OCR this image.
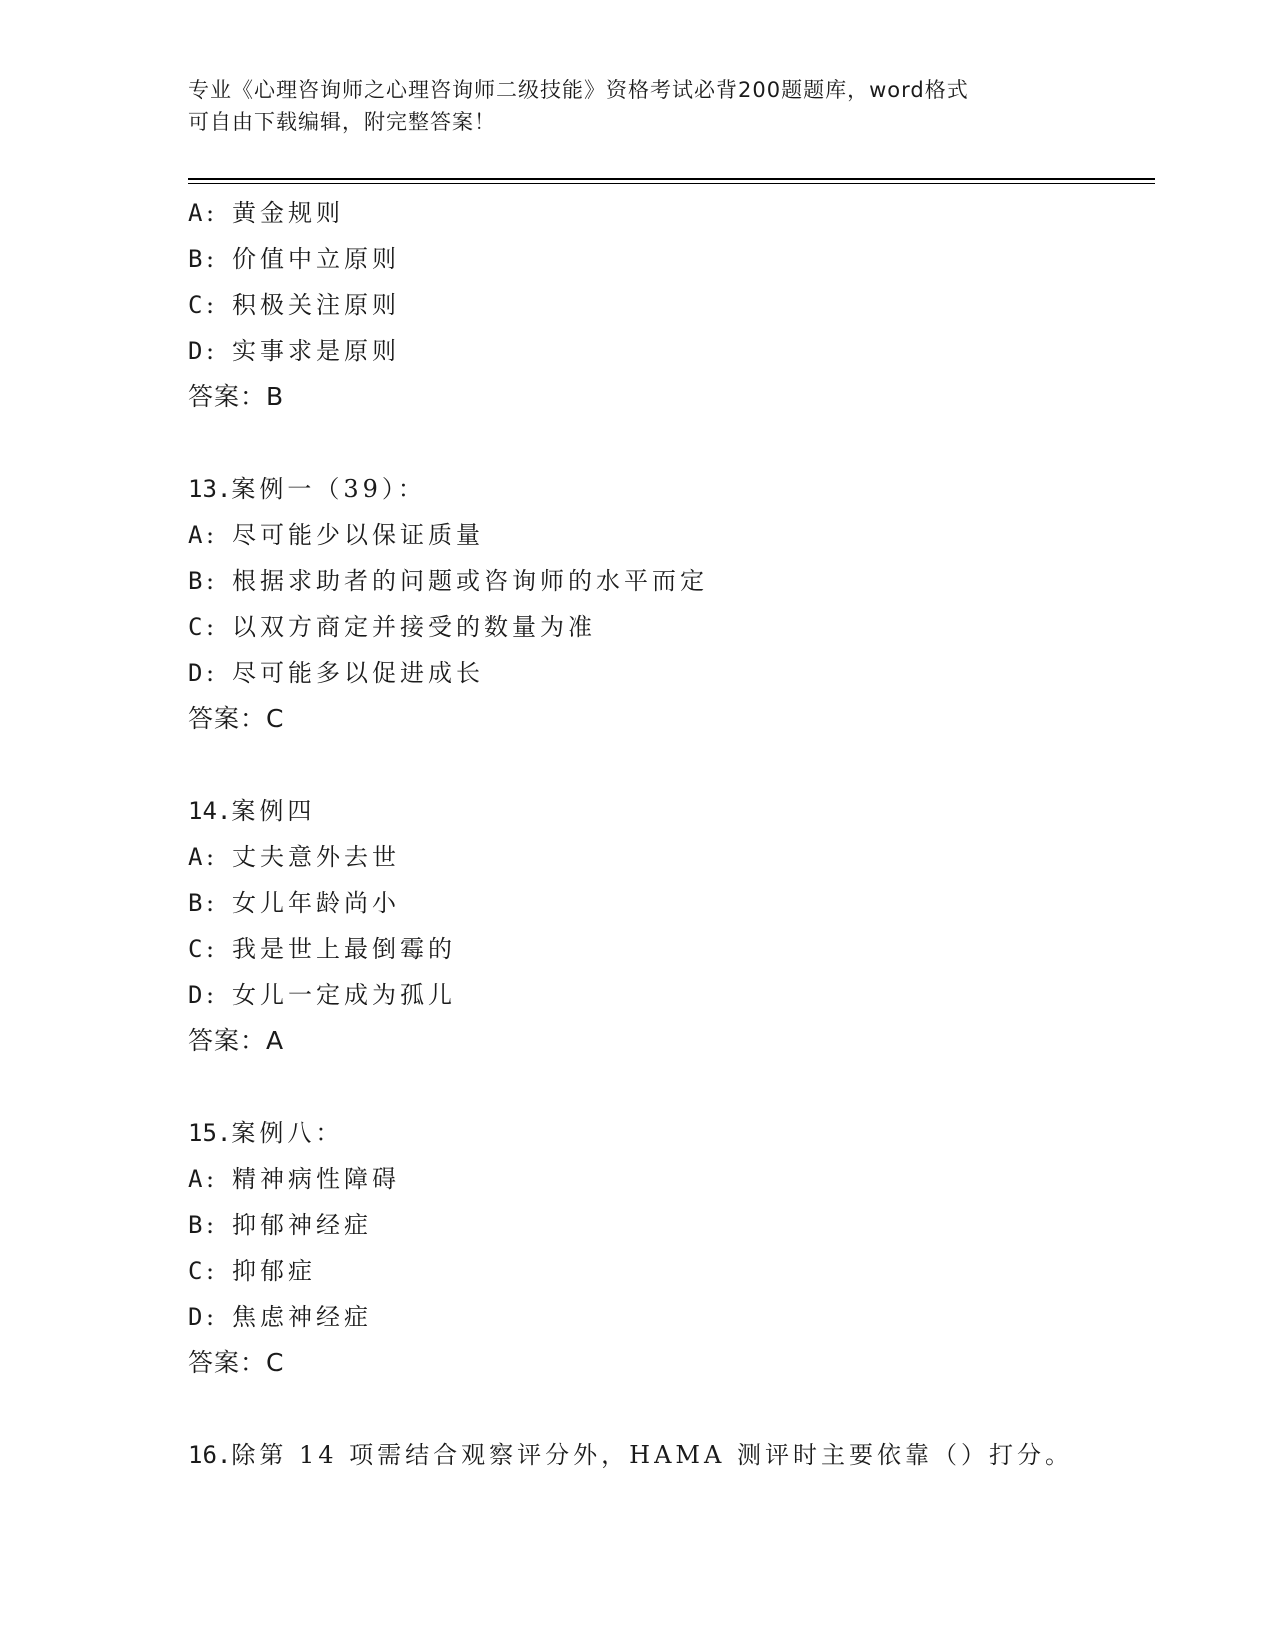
专业《心理咨询师之心理咨询师二级技能》资格考试必背200题题库，word格式
可自由下载编辑，附完整答案！
A : 黄金规则
B : 价值中立原则
C : 积极关注原则
D : 实事求是原则
答案：B
13.案例一（39）：
A : 尽可能少以保证质量
B : 根据求助者的问题或咨询师的水平而定
C : 以双方商定并接受的数量为准
D : 尽可能多以促进成长
答案：C
14.案例四
A : 丈夫意外去世
B : 女儿年龄尚小
C : 我是世上最倒霉的
D : 女儿一定成为孤儿
答案：A
15.案例八：
A : 精神病性障碍
B : 抑郁神经症
C : 抑郁症
D : 焦虑神经症
答案：C
16.除第 14 项需结合观察评分外，HAMA 测评时主要依靠（）打分。
